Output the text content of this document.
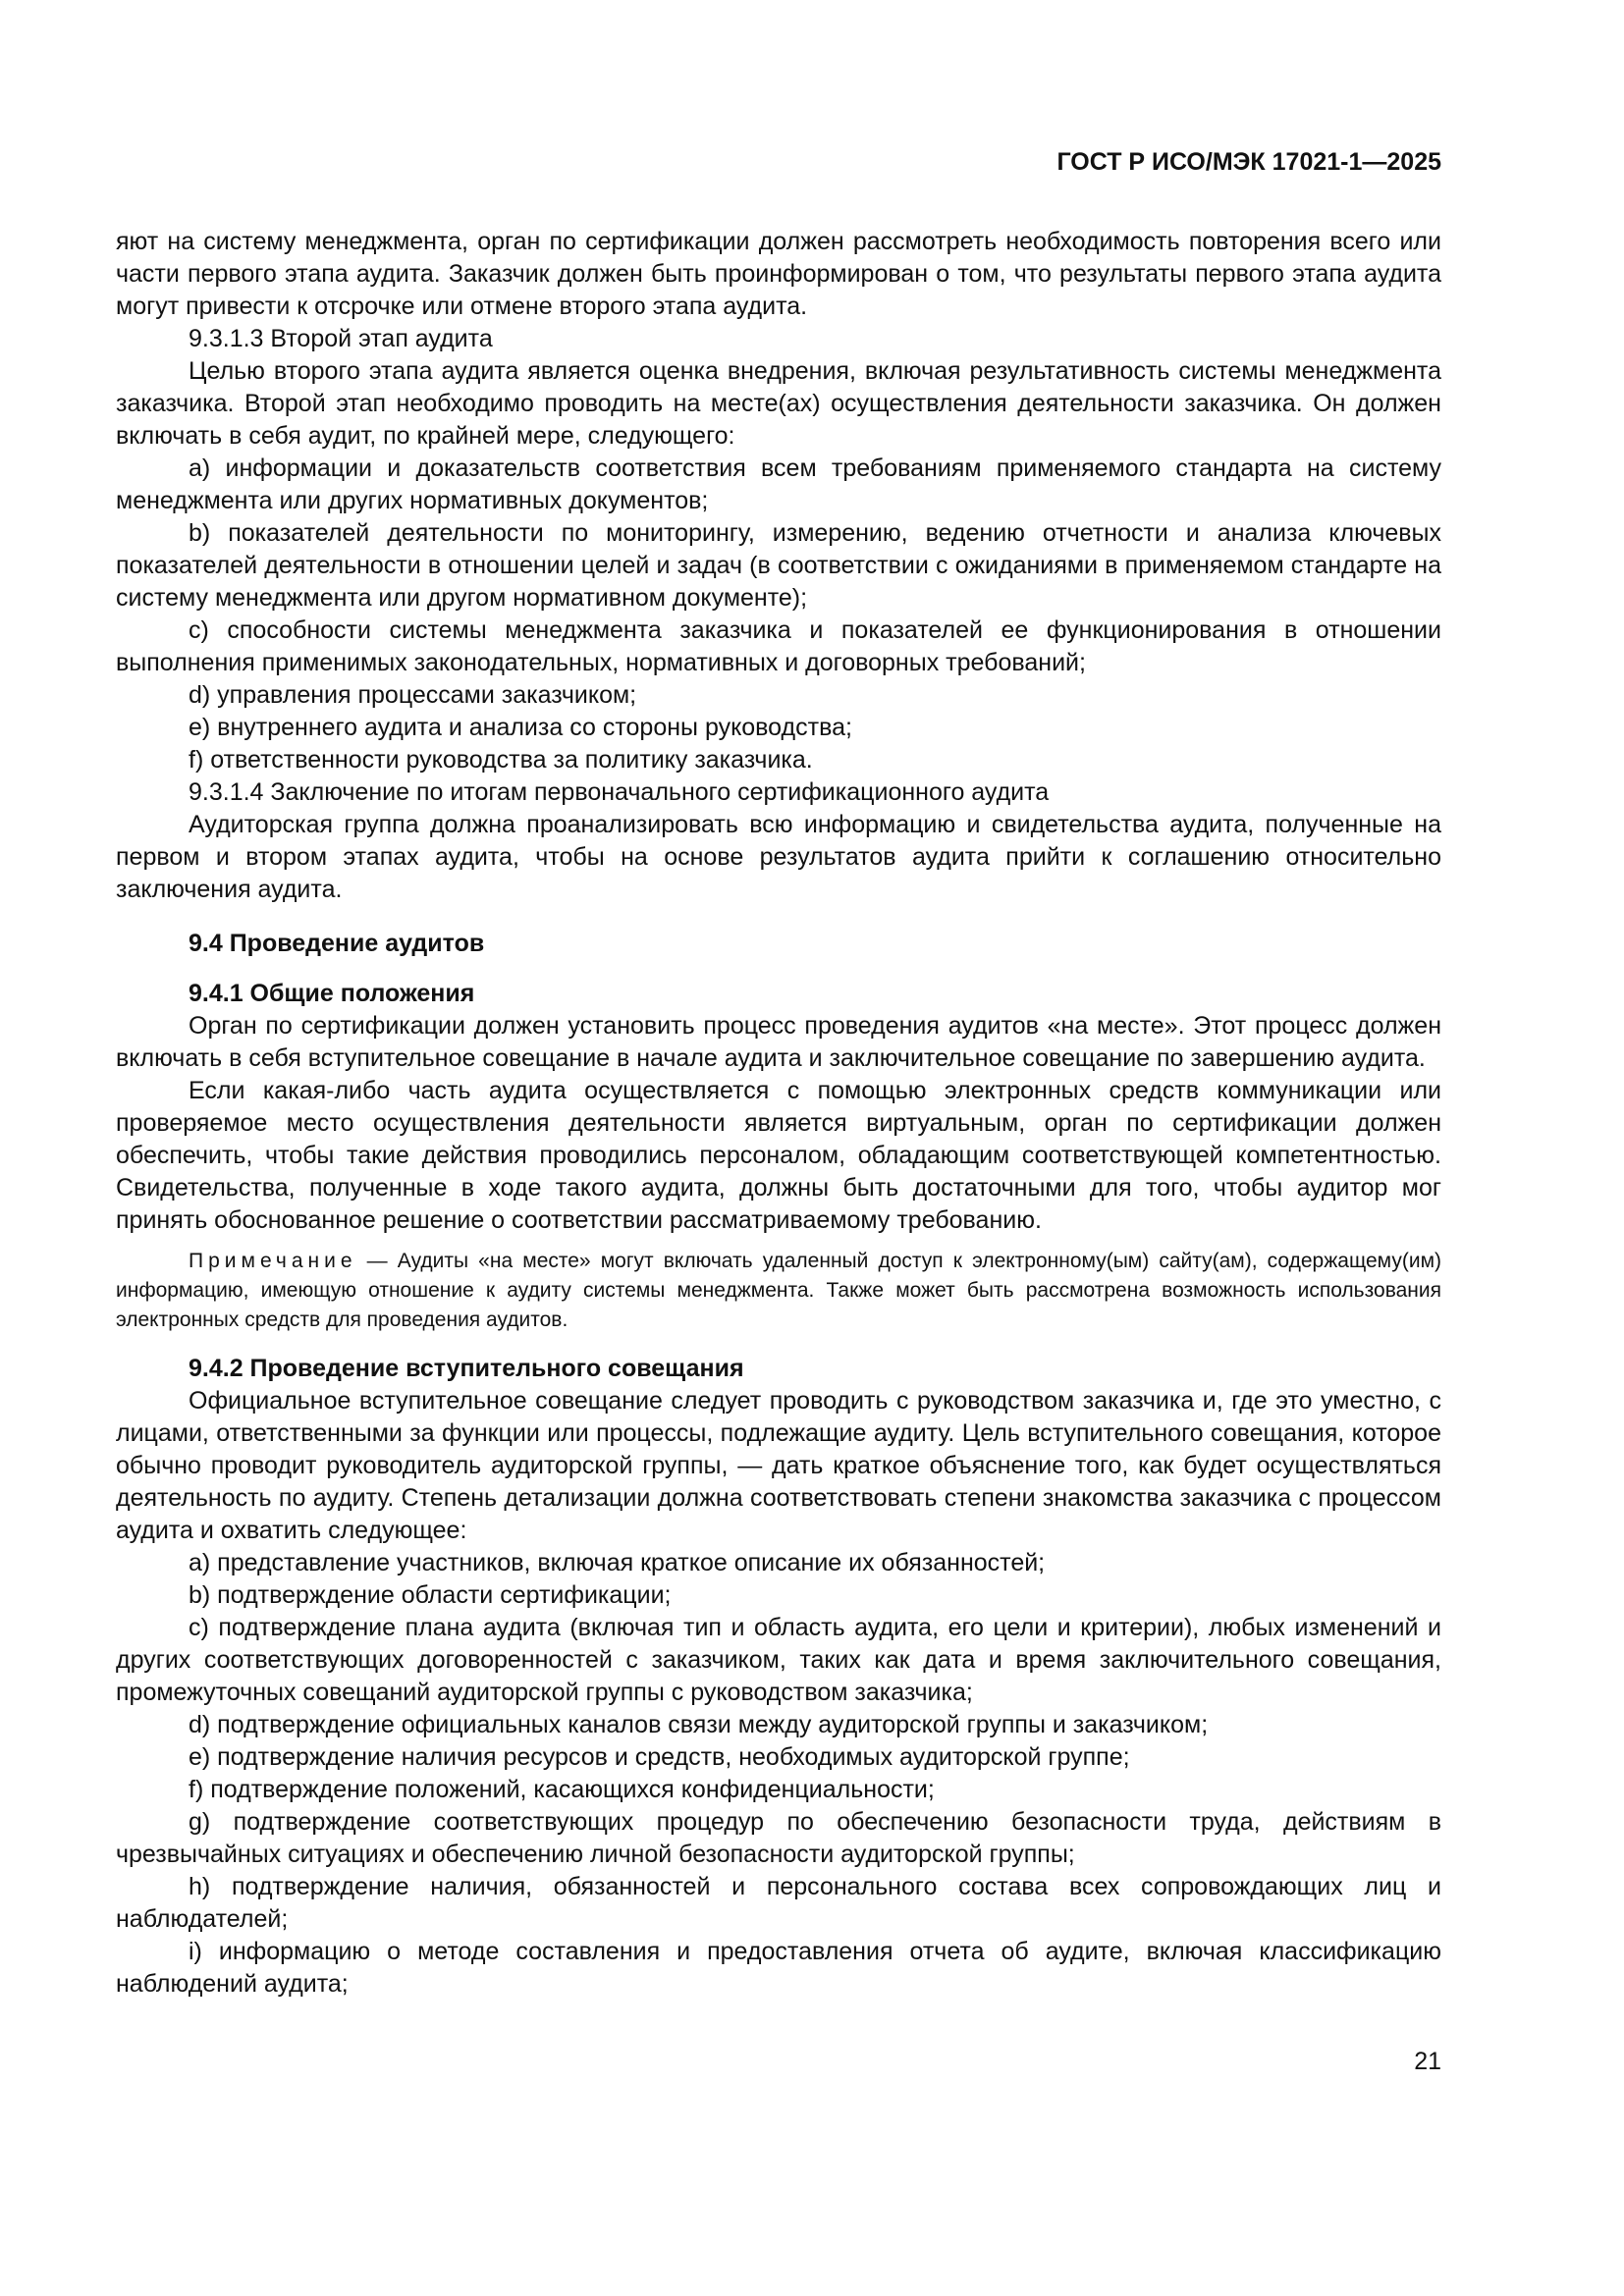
ГОСТ Р ИСО/МЭК 17021-1—2025

яют на систему менеджмента, орган по сертификации должен рассмотреть необходимость повторения всего или части первого этапа аудита. Заказчик должен быть проинформирован о том, что результаты первого этапа аудита могут привести к отсрочке или отмене второго этапа аудита.

9.3.1.3 Второй этап аудита

Целью второго этапа аудита является оценка внедрения, включая результативность системы менеджмента заказчика. Второй этап необходимо проводить на месте(ах) осуществления деятельности заказчика. Он должен включать в себя аудит, по крайней мере, следующего:

a) информации и доказательств соответствия всем требованиям применяемого стандарта на систему менеджмента или других нормативных документов;

b) показателей деятельности по мониторингу, измерению, ведению отчетности и анализа ключевых показателей деятельности в отношении целей и задач (в соответствии с ожиданиями в применяемом стандарте на систему менеджмента или другом нормативном документе);

c) способности системы менеджмента заказчика и показателей ее функционирования в отношении выполнения применимых законодательных, нормативных и договорных требований;

d) управления процессами заказчиком;

e) внутреннего аудита и анализа со стороны руководства;

f) ответственности руководства за политику заказчика.

9.3.1.4 Заключение по итогам первоначального сертификационного аудита

Аудиторская группа должна проанализировать всю информацию и свидетельства аудита, полученные на первом и втором этапах аудита, чтобы на основе результатов аудита прийти к соглашению относительно заключения аудита.

9.4 Проведение аудитов

9.4.1 Общие положения

Орган по сертификации должен установить процесс проведения аудитов «на месте». Этот процесс должен включать в себя вступительное совещание в начале аудита и заключительное совещание по завершению аудита.

Если какая-либо часть аудита осуществляется с помощью электронных средств коммуникации или проверяемое место осуществления деятельности является виртуальным, орган по сертификации должен обеспечить, чтобы такие действия проводились персоналом, обладающим соответствующей компетентностью. Свидетельства, полученные в ходе такого аудита, должны быть достаточными для того, чтобы аудитор мог принять обоснованное решение о соответствии рассматриваемому требованию.

Примечание — Аудиты «на месте» могут включать удаленный доступ к электронному(ым) сайту(ам), содержащему(им) информацию, имеющую отношение к аудиту системы менеджмента. Также может быть рассмотрена возможность использования электронных средств для проведения аудитов.

9.4.2 Проведение вступительного совещания

Официальное вступительное совещание следует проводить с руководством заказчика и, где это уместно, с лицами, ответственными за функции или процессы, подлежащие аудиту. Цель вступительного совещания, которое обычно проводит руководитель аудиторской группы, — дать краткое объяснение того, как будет осуществляться деятельность по аудиту. Степень детализации должна соответствовать степени знакомства заказчика с процессом аудита и охватить следующее:

a) представление участников, включая краткое описание их обязанностей;

b) подтверждение области сертификации;

c) подтверждение плана аудита (включая тип и область аудита, его цели и критерии), любых изменений и других соответствующих договоренностей с заказчиком, таких как дата и время заключительного совещания, промежуточных совещаний аудиторской группы с руководством заказчика;

d) подтверждение официальных каналов связи между аудиторской группы и заказчиком;

e) подтверждение наличия ресурсов и средств, необходимых аудиторской группе;

f) подтверждение положений, касающихся конфиденциальности;

g) подтверждение соответствующих процедур по обеспечению безопасности труда, действиям в чрезвычайных ситуациях и обеспечению личной безопасности аудиторской группы;

h) подтверждение наличия, обязанностей и персонального состава всех сопровождающих лиц и наблюдателей;

i) информацию о методе составления и предоставления отчета об аудите, включая классификацию наблюдений аудита;

21
